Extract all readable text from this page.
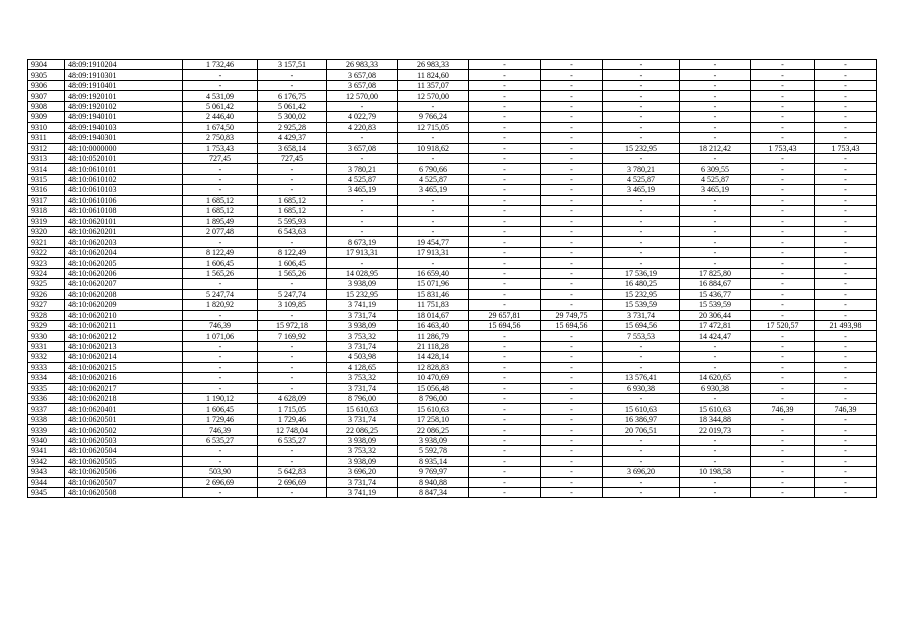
9304	48:09:1910204	1 732,46	3 157,51	26 983,33	26 983,33	-	-	-	-	-	-
9305	48:09:1910301	-	-	3 657,08	11 824,60	-	-	-	-	-	-
9306	48:09:1910401	-	-	3 657,08	11 357,07	-	-	-	-	-	-
9307	48:09:1920101	4 531,09	6 176,75	12 570,00	12 570,00	-	-	-	-	-	-
9308	48:09:1920102	5 061,42	5 061,42	-	-	-	-	-	-	-	-
9309	48:09:1940101	2 446,40	5 300,02	4 022,79	9 766,24	-	-	-	-	-	-
9310	48:09:1940103	1 674,50	2 925,28	4 220,83	12 715,05	-	-	-	-	-	-
9311	48:09:1940301	2 750,83	4 429,37	-	-	-	-	-	-	-	-
9312	48:10:0000000	1 753,43	3 658,14	3 657,08	10 918,62	-	-	15 232,95	18 212,42	1 753,43	1 753,43
9313	48:10:0520101	727,45	727,45	-	-	-	-	-	-	-	-
9314	48:10:0610101	-	-	3 780,21	6 790,66	-	-	3 780,21	6 309,55	-	-
9315	48:10:0610102	-	-	4 525,87	4 525,87	-	-	4 525,87	4 525,87	-	-
9316	48:10:0610103	-	-	3 465,19	3 465,19	-	-	3 465,19	3 465,19	-	-
9317	48:10:0610106	1 685,12	1 685,12	-	-	-	-	-	-	-	-
9318	48:10:0610108	1 685,12	1 685,12	-	-	-	-	-	-	-	-
9319	48:10:0620101	1 895,49	5 595,93	-	-	-	-	-	-	-	-
9320	48:10:0620201	2 077,48	6 543,63	-	-	-	-	-	-	-	-
9321	48:10:0620203	-	-	8 673,19	19 454,77	-	-	-	-	-	-
9322	48:10:0620204	8 122,49	8 122,49	17 913,31	17 913,31	-	-	-	-	-	-
9323	48:10:0620205	1 606,45	1 606,45	-	-	-	-	-	-	-	-
9324	48:10:0620206	1 565,26	1 565,26	14 028,95	16 659,40	-	-	17 536,19	17 825,80	-	-
9325	48:10:0620207	-	-	3 938,09	15 071,96	-	-	16 480,25	16 884,67	-	-
9326	48:10:0620208	5 247,74	5 247,74	15 232,95	15 831,46	-	-	15 232,95	15 436,77	-	-
9327	48:10:0620209	1 820,92	3 109,85	3 741,19	11 751,83	-	-	15 539,59	15 539,59	-	-
9328	48:10:0620210	-	-	3 731,74	18 014,67	29 657,81	29 749,75	3 731,74	20 306,44	-	-
9329	48:10:0620211	746,39	15 972,18	3 938,09	16 463,40	15 694,56	15 694,56	15 694,56	17 472,81	17 520,57	21 493,98
9330	48:10:0620212	1 071,06	7 169,92	3 753,32	11 286,79	-	-	7 553,53	14 424,47	-	-
9331	48:10:0620213	-	-	3 731,74	21 118,28	-	-	-	-	-	-
9332	48:10:0620214	-	-	4 503,98	14 428,14	-	-	-	-	-	-
9333	48:10:0620215	-	-	4 128,65	12 828,83	-	-	-	-	-	-
9334	48:10:0620216	-	-	3 753,32	10 470,69	-	-	13 576,41	14 620,65	-	-
9335	48:10:0620217	-	-	3 731,74	15 056,48	-	-	6 930,38	6 930,38	-	-
9336	48:10:0620218	1 190,12	4 628,09	8 796,00	8 796,00	-	-	-	-	-	-
9337	48:10:0620401	1 606,45	1 715,05	15 610,63	15 610,63	-	-	15 610,63	15 610,63	746,39	746,39
9338	48:10:0620501	1 729,46	1 729,46	3 731,74	17 258,10	-	-	16 386,97	18 344,88	-	-
9339	48:10:0620502	746,39	12 748,04	22 086,25	22 086,25	-	-	20 706,51	22 019,73	-	-
9340	48:10:0620503	6 535,27	6 535,27	3 938,09	3 938,09	-	-	-	-	-	-
9341	48:10:0620504	-	-	3 753,32	5 592,78	-	-	-	-	-	-
9342	48:10:0620505	-	-	3 938,09	8 935,14	-	-	-	-	-	-
9343	48:10:0620506	503,90	5 642,83	3 696,20	9 769,97	-	-	3 696,20	10 198,58	-	-
9344	48:10:0620507	2 696,69	2 696,69	3 731,74	8 940,88	-	-	-	-	-	-
9345	48:10:0620508	-	-	3 741,19	8 847,34	-	-	-	-	-	-
